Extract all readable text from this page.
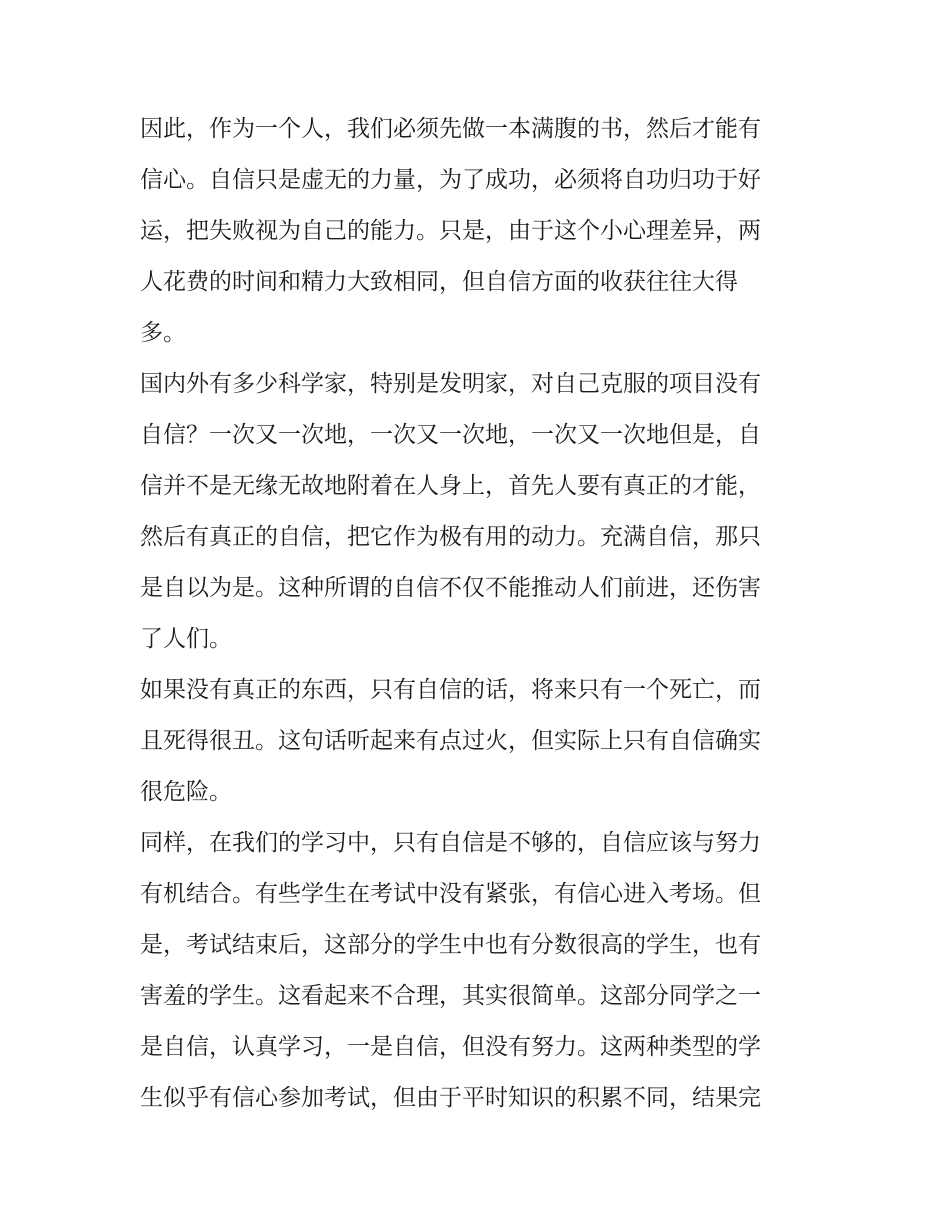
因此，作为一个人，我们必须先做一本满腹的书，然后才能有
信心。自信只是虚无的力量，为了成功，必须将自功归功于好
运，把失败视为自己的能力。只是，由于这个小心理差异，两
人花费的时间和精力大致相同，但自信方面的收获往往大得
多。
国内外有多少科学家，特别是发明家，对自己克服的项目没有
自信？一次又一次地，一次又一次地，一次又一次地但是，自
信并不是无缘无故地附着在人身上，首先人要有真正的才能，
然后有真正的自信，把它作为极有用的动力。充满自信，那只
是自以为是。这种所谓的自信不仅不能推动人们前进，还伤害
了人们。
如果没有真正的东西，只有自信的话，将来只有一个死亡，而
且死得很丑。这句话听起来有点过火，但实际上只有自信确实
很危险。
同样，在我们的学习中，只有自信是不够的，自信应该与努力
有机结合。有些学生在考试中没有紧张，有信心进入考场。但
是，考试结束后，这部分的学生中也有分数很高的学生，也有
害羞的学生。这看起来不合理，其实很简单。这部分同学之一
是自信，认真学习，一是自信，但没有努力。这两种类型的学
生似乎有信心参加考试，但由于平时知识的积累不同，结果完
